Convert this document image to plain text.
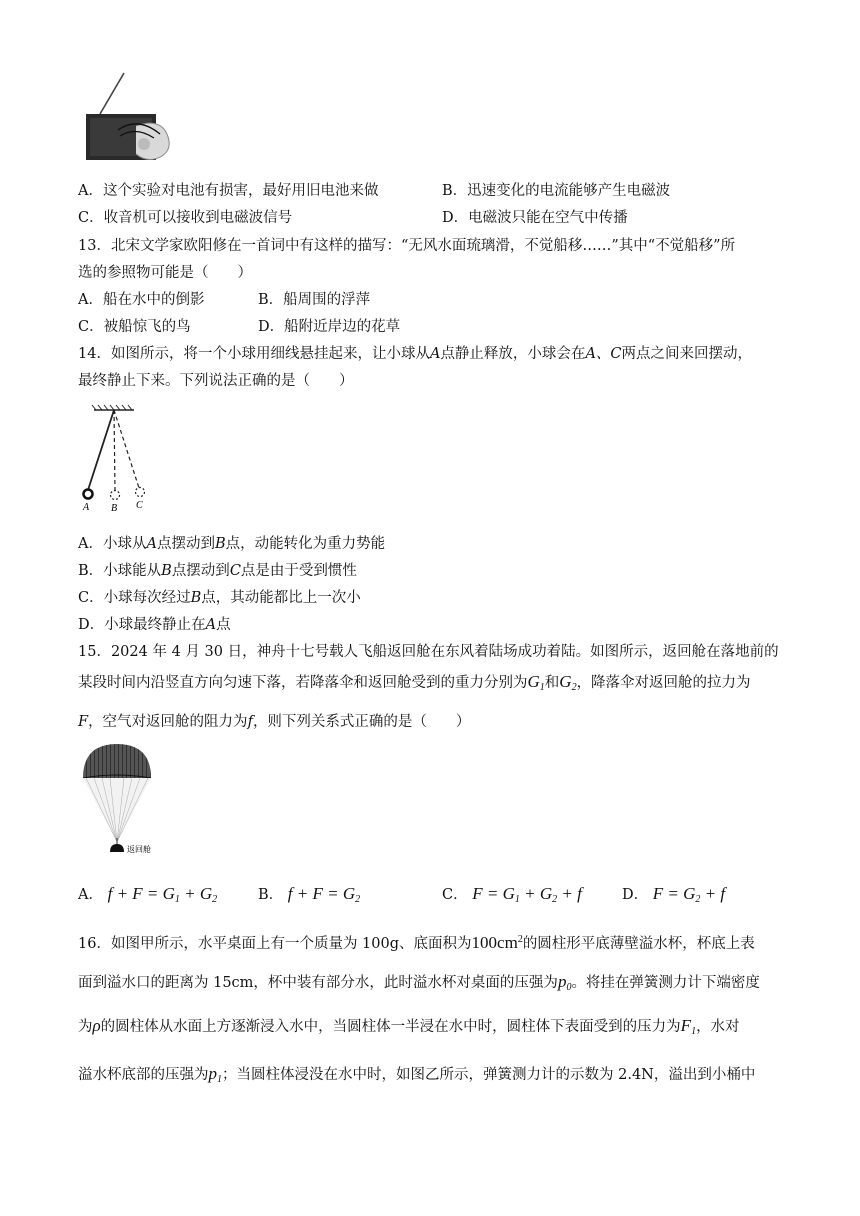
A．这个实验对电池有损害，最好用旧电池来做	B．迅速变化的电流能够产生电磁波
C．收音机可以接收到电磁波信号	D．电磁波只能在空气中传播
13．北宋文学家欧阳修在一首词中有这样的描写：“无风水面琉璃滑，不觉船移……”其中“不觉船移”所
选的参照物可能是（　　）
A．船在水中的倒影	B．船周围的浮萍
C．被船惊飞的鸟	D．船附近岸边的花草
14．如图所示，将一个小球用细线悬挂起来，让小球从A点静止释放，小球会在A、C两点之间来回摆动，
最终静止下来。下列说法正确的是（　　）
A B C
A．小球从A点摆动到B点，动能转化为重力势能
B．小球能从B点摆动到C点是由于受到惯性
C．小球每次经过B点，其动能都比上一次小
D．小球最终静止在A点
15．2024 年 4 月 30 日，神舟十七号载人飞船返回舱在东风着陆场成功着陆。如图所示，返回舱在落地前的
某段时间内沿竖直方向匀速下落，若降落伞和返回舱受到的重力分别为$G_1$和$G_2$，降落伞对返回舱的拉力为
F，空气对返回舱的阻力为f，则下列关系式正确的是（　　）
返回舱
A． $f + F = G_1 + G_2$	B． $f + F = G_2$	C． $F = G_1 + G_2 + f$	D． $F = G_2 + f$
16．如图甲所示，水平桌面上有一个质量为 100g、底面积为$100cm^2$的圆柱形平底薄壁溢水杯，杯底上表
面到溢水口的距离为 15cm，杯中装有部分水，此时溢水杯对桌面的压强为$p_0$。将挂在弹簧测力计下端密度
为ρ的圆柱体从水面上方逐渐浸入水中，当圆柱体一半浸在水中时，圆柱体下表面受到的压力为$F_1$，水对
溢水杯底部的压强为$p_1$；当圆柱体浸没在水中时，如图乙所示，弹簧测力计的示数为 2.4N，溢出到小桶中
